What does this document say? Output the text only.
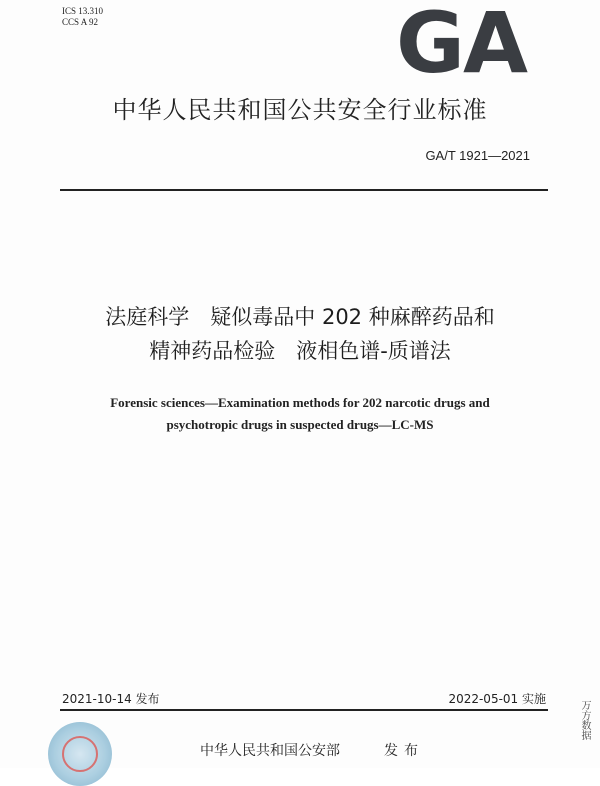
ICS 13.310
CCS A 92	GA
中华人民共和国公共安全行业标准
GA/T 1921—2021
法庭科学　疑似毒品中 202 种麻醉药品和
精神药品检验　液相色谱-质谱法
Forensic sciences—Examination methods for 202 narcotic drugs and
psychotropic drugs in suspected drugs—LC-MS
2021-10-14 发布	2022-05-01 实施
中华人民共和国公安部	发布
万方数据
